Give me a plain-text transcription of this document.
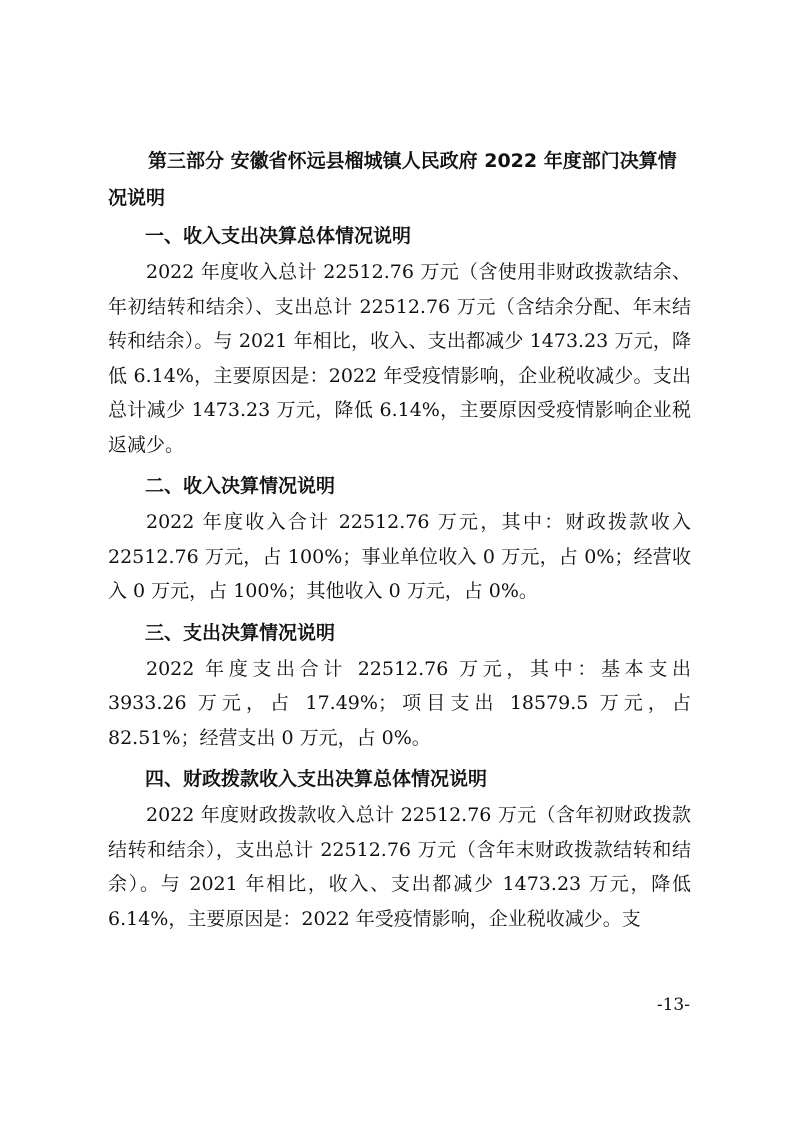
第三部分 安徽省怀远县榴城镇人民政府 2022 年度部门决算情况说明
一、收入支出决算总体情况说明

2022 年度收入总计 22512.76 万元（含使用非财政拨款结余、年初结转和结余）、支出总计 22512.76 万元（含结余分配、年末结转和结余）。与 2021 年相比，收入、支出都减少 1473.23 万元，降低 6.14%，主要原因是：2022 年受疫情影响，企业税收减少。支出总计减少 1473.23 万元，降低 6.14%，主要原因受疫情影响企业税返减少。

二、收入决算情况说明

2022 年度收入合计 22512.76 万元，其中：财政拨款收入 22512.76 万元，占 100%；事业单位收入 0 万元，占 0%；经营收入 0 万元，占 100%；其他收入 0 万元，占 0%。

三、支出决算情况说明

2022 年度支出合计 22512.76 万元，其中：基本支出 3933.26 万元，占 17.49%；项目支出 18579.5 万元，占 82.51%；经营支出 0 万元，占 0%。

四、财政拨款收入支出决算总体情况说明

2022 年度财政拨款收入总计 22512.76 万元（含年初财政拨款结转和结余），支出总计 22512.76 万元（含年末财政拨款结转和结余）。与 2021 年相比，收入、支出都减少 1473.23 万元，降低 6.14%，主要原因是：2022 年受疫情影响，企业税收减少。支

-13-
